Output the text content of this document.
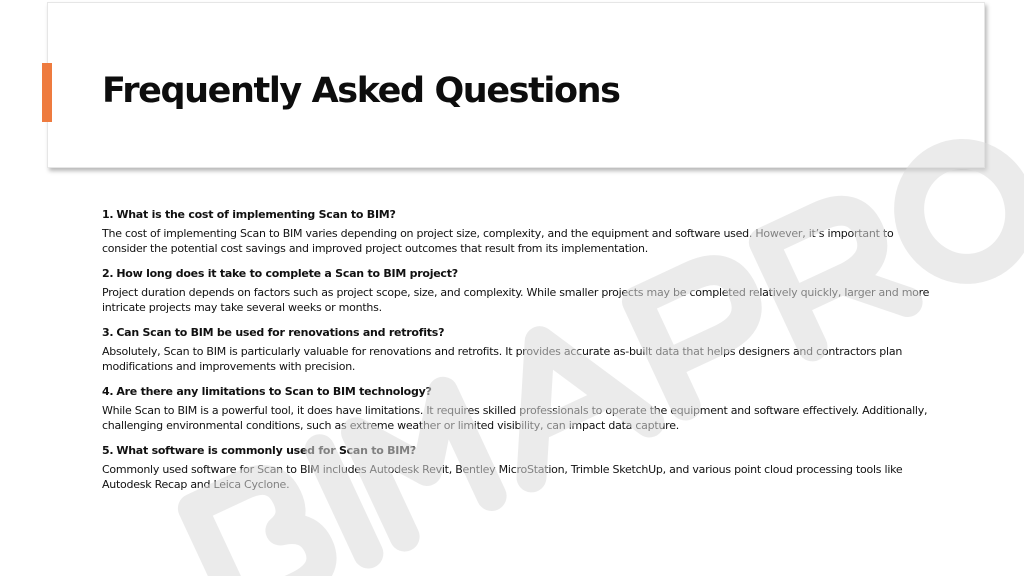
Frequently Asked Questions

1. What is the cost of implementing Scan to BIM?

The cost of implementing Scan to BIM varies depending on project size, complexity, and the equipment and software used. However, it’s important to consider the potential cost savings and improved project outcomes that result from its implementation.

2. How long does it take to complete a Scan to BIM project?

Project duration depends on factors such as project scope, size, and complexity. While smaller projects may be completed relatively quickly, larger and more intricate projects may take several weeks or months.

3. Can Scan to BIM be used for renovations and retrofits?

Absolutely, Scan to BIM is particularly valuable for renovations and retrofits. It provides accurate as-built data that helps designers and contractors plan modifications and improvements with precision.

4. Are there any limitations to Scan to BIM technology?

While Scan to BIM is a powerful tool, it does have limitations. It requires skilled professionals to operate the equipment and software effectively. Additionally, challenging environmental conditions, such as extreme weather or limited visibility, can impact data capture.

5. What software is commonly used for Scan to BIM?

Commonly used software for Scan to BIM includes Autodesk Revit, Bentley MicroStation, Trimble SketchUp, and various point cloud processing tools like Autodesk Recap and Leica Cyclone.
